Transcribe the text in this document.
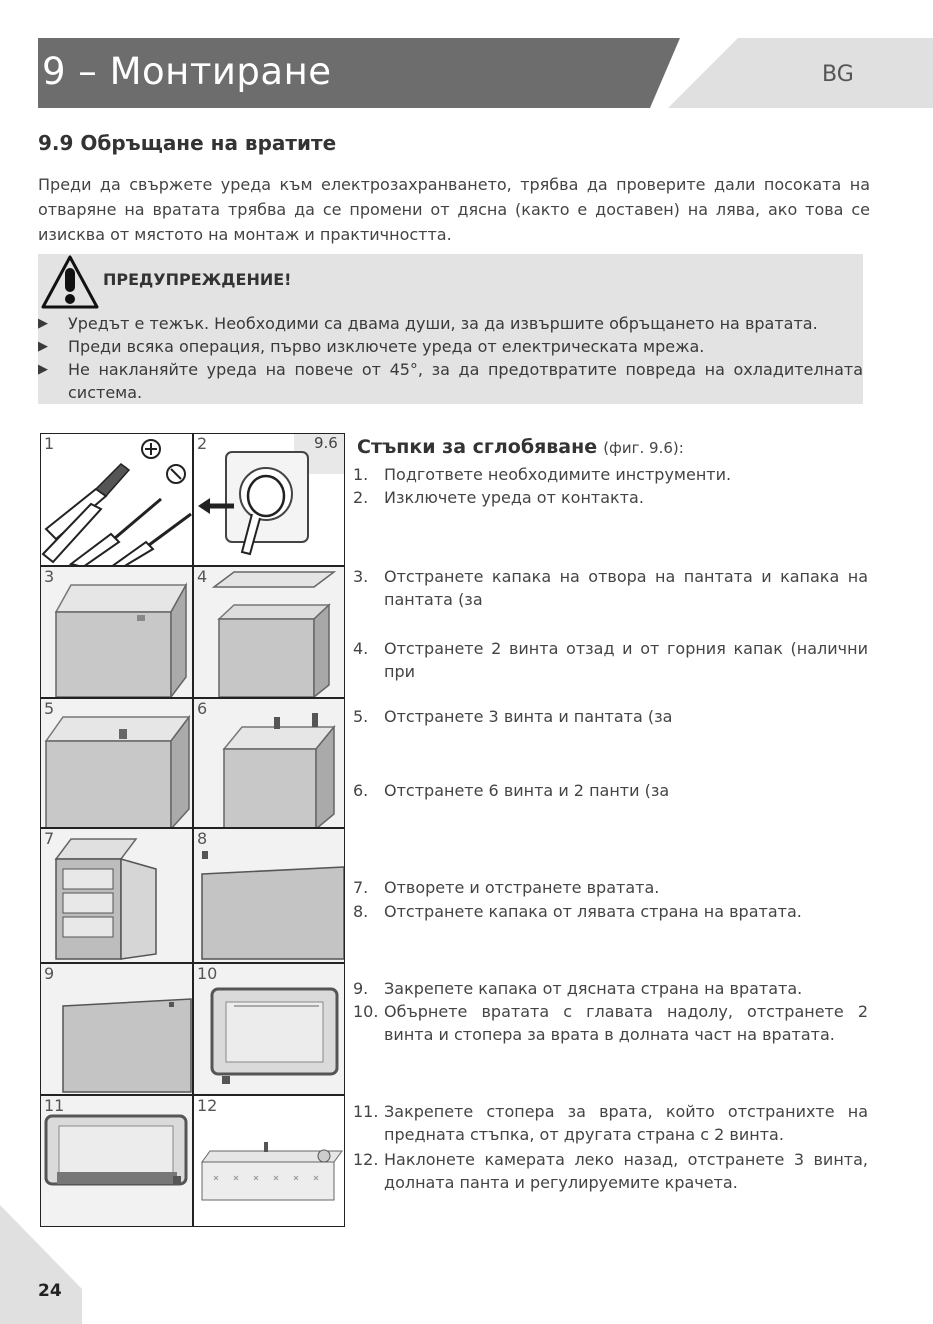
9 – Монтиране	BG
9.9 Обръщане на вратите
Преди да свържете уреда към електрозахранването, трябва да проверите дали посоката на отваряне на вратата трябва да се промени от дясна (както е доставен) на лява, ако това се изисква от мястото на монтаж и практичността.
ПРЕДУПРЕЖДЕНИЕ!
▶ Уредът е тежък. Необходими са двама души, за да извършите обръщането на вратата.
▶ Преди всяка операция, първо изключете уреда от електрическата мрежа.
▶ Не накланяйте уреда на повече от 45°, за да предотвратите повреда на охладителната система.
1	2
3	4
5	6
7	8
9	10
11	12
9.6 Стъпки за сглобяване (фиг. 9.6):
1. Подгответе необходимите инструменти.
2. Изключете уреда от контакта.
3. Отстранете капака на отвора на пантата и капака на пантата (за
4. Отстранете 2 винта отзад и от горния капак (налични при
5. Отстранете 3 винта и пантата (за
6. Отстранете 6 винта и 2 панти (за
7. Отворете и отстранете вратата.
8. Отстранете капака от лявата страна на вратата.
9. Закрепете капака от дясната страна на вратата.
10. Обърнете вратата с главата надолу, отстранете 2 винта и стопера за врата в долната част на вратата.
11. Закрепете стопера за врата, който отстранихте на предната стъпка, от другата страна с 2 винта.
12. Наклонете камерата леко назад, отстранете 3 винта, долната панта и регулируемите крачета.
24
